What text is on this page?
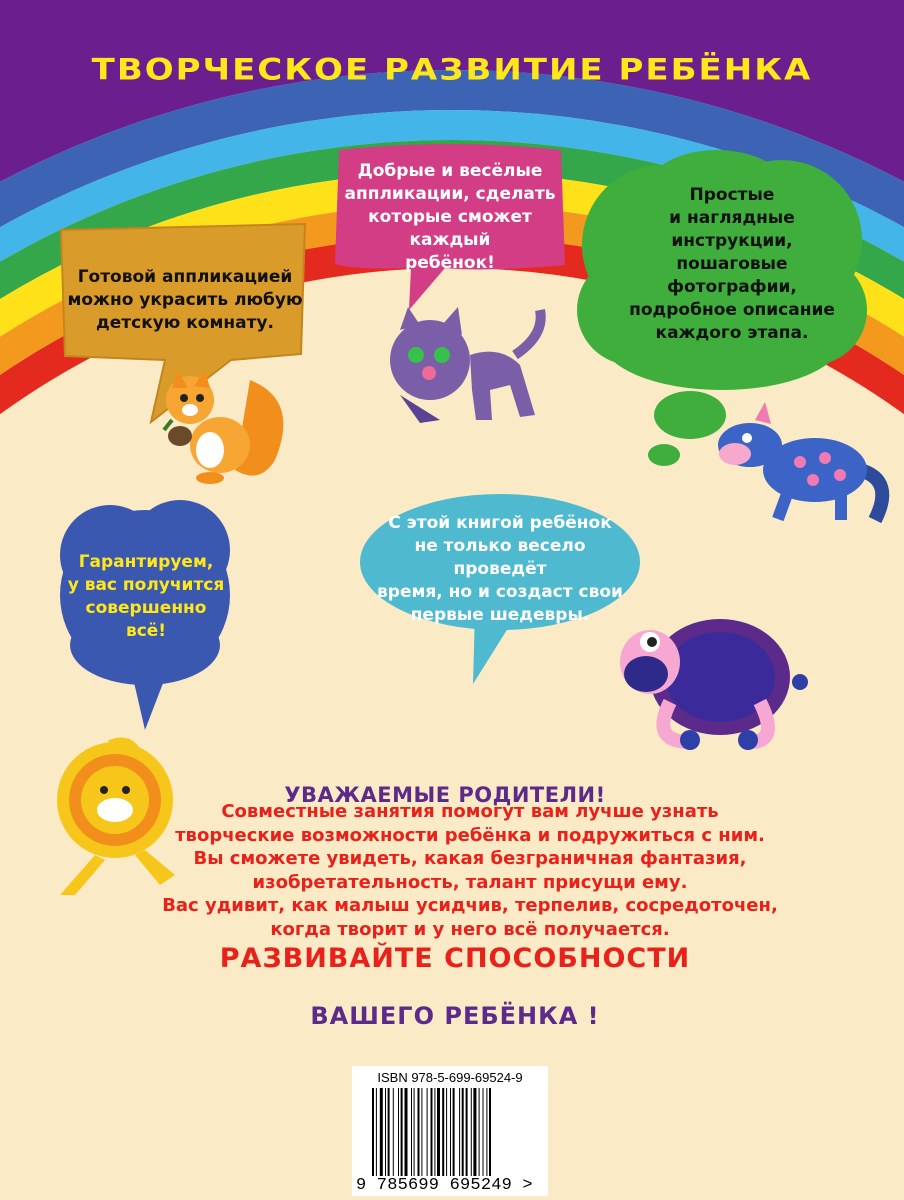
ТВОРЧЕСКОЕ РАЗВИТИЕ РЕБЁНКА
Готовой аппликацией
можно украсить любую
детскую комнату.
Добрые и весёлые
аппликации, сделать
которые сможет каждый
ребёнок!
Простые
и наглядные
инструкции,
пошаговые
фотографии,
подробное описание
каждого этапа.
Гарантируем,
у вас получится
совершенно
всё!
С этой книгой ребёнок
не только весело проведёт
время, но и создаст свои
первые шедевры.
УВАЖАЕМЫЕ РОДИТЕЛИ!
Совместные занятия помогут вам лучше узнать
творческие возможности ребёнка и подружиться с ним.
Вы сможете увидеть, какая безграничная фантазия,
изобретательность, талант присущи ему.
Вас удивит, как малыш усидчив, терпелив, сосредоточен,
когда творит и у него всё получается.
РАЗВИВАЙТЕ СПОСОБНОСТИ
ВАШЕГО РЕБЁНКА !
ISBN 978-5-699-69524-9
9 785699 695249 >
